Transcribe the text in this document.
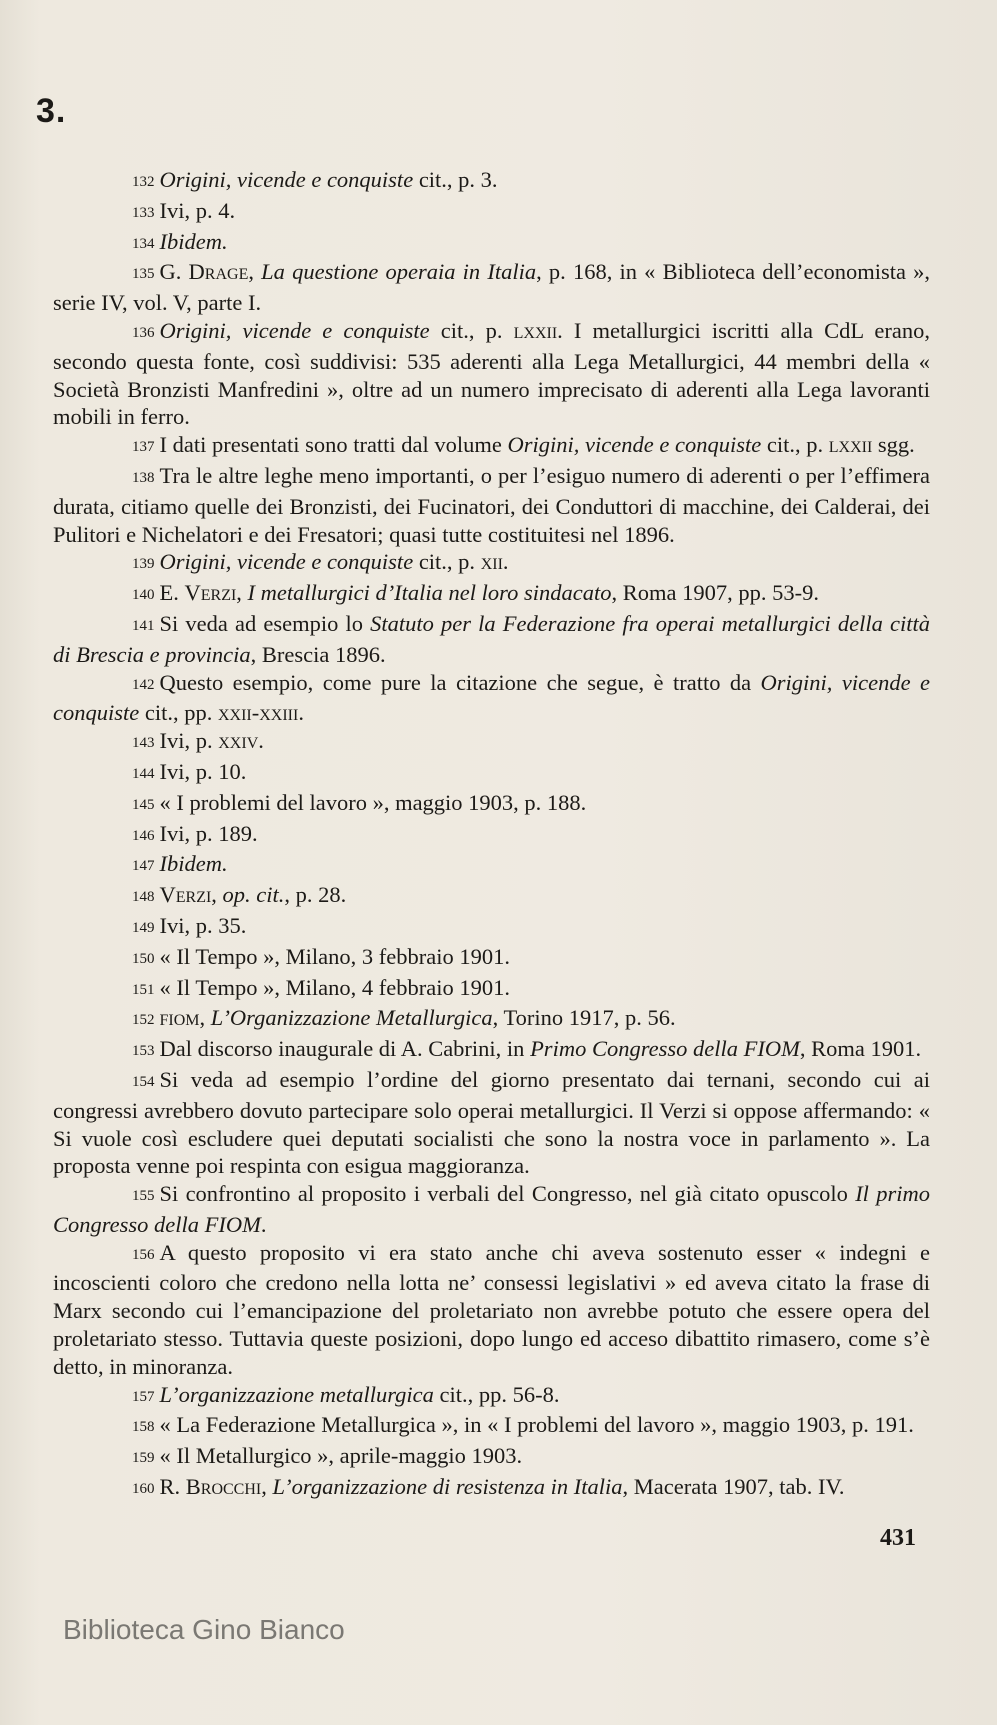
3.

132 Origini, vicende e conquiste cit., p. 3.

133 Ivi, p. 4.

134 Ibidem.

135 G. Drage, La questione operaia in Italia, p. 168, in « Biblioteca dell’economista », serie IV, vol. V, parte I.

136 Origini, vicende e conquiste cit., p. lxxii. I metallurgici iscritti alla CdL erano, secondo questa fonte, così suddivisi: 535 aderenti alla Lega Metallurgici, 44 membri della « Società Bronzisti Manfredini », oltre ad un numero imprecisato di aderenti alla Lega lavoranti mobili in ferro.

137 I dati presentati sono tratti dal volume Origini, vicende e conquiste cit., p. lxxii sgg.

138 Tra le altre leghe meno importanti, o per l’esiguo numero di aderenti o per l’effimera durata, citiamo quelle dei Bronzisti, dei Fucinatori, dei Conduttori di macchine, dei Calderai, dei Pulitori e Nichelatori e dei Fresatori; quasi tutte costituitesi nel 1896.

139 Origini, vicende e conquiste cit., p. xii.

140 E. Verzi, I metallurgici d’Italia nel loro sindacato, Roma 1907, pp. 53-9.

141 Si veda ad esempio lo Statuto per la Federazione fra operai metallurgici della città di Brescia e provincia, Brescia 1896.

142 Questo esempio, come pure la citazione che segue, è tratto da Origini, vicende e conquiste cit., pp. xxii-xxiii.

143 Ivi, p. xxiv.

144 Ivi, p. 10.

145 « I problemi del lavoro », maggio 1903, p. 188.

146 Ivi, p. 189.

147 Ibidem.

148 Verzi, op. cit., p. 28.

149 Ivi, p. 35.

150 « Il Tempo », Milano, 3 febbraio 1901.

151 « Il Tempo », Milano, 4 febbraio 1901.

152 fiom, L’Organizzazione Metallurgica, Torino 1917, p. 56.

153 Dal discorso inaugurale di A. Cabrini, in Primo Congresso della FIOM, Roma 1901.

154 Si veda ad esempio l’ordine del giorno presentato dai ternani, secondo cui ai congressi avrebbero dovuto partecipare solo operai metallurgici. Il Verzi si oppose affermando: « Si vuole così escludere quei deputati socialisti che sono la nostra voce in parlamento ». La proposta venne poi respinta con esigua maggioranza.

155 Si confrontino al proposito i verbali del Congresso, nel già citato opuscolo Il primo Congresso della FIOM.

156 A questo proposito vi era stato anche chi aveva sostenuto esser « indegni e incoscienti coloro che credono nella lotta ne’ consessi legislativi » ed aveva citato la frase di Marx secondo cui l’emancipazione del proletariato non avrebbe potuto che essere opera del proletariato stesso. Tuttavia queste posizioni, dopo lungo ed acceso dibattito rimasero, come s’è detto, in minoranza.

157 L’organizzazione metallurgica cit., pp. 56-8.

158 « La Federazione Metallurgica », in « I problemi del lavoro », maggio 1903, p. 191.

159 « Il Metallurgico », aprile-maggio 1903.

160 R. Brocchi, L’organizzazione di resistenza in Italia, Macerata 1907, tab. IV.

431
Biblioteca Gino Bianco
